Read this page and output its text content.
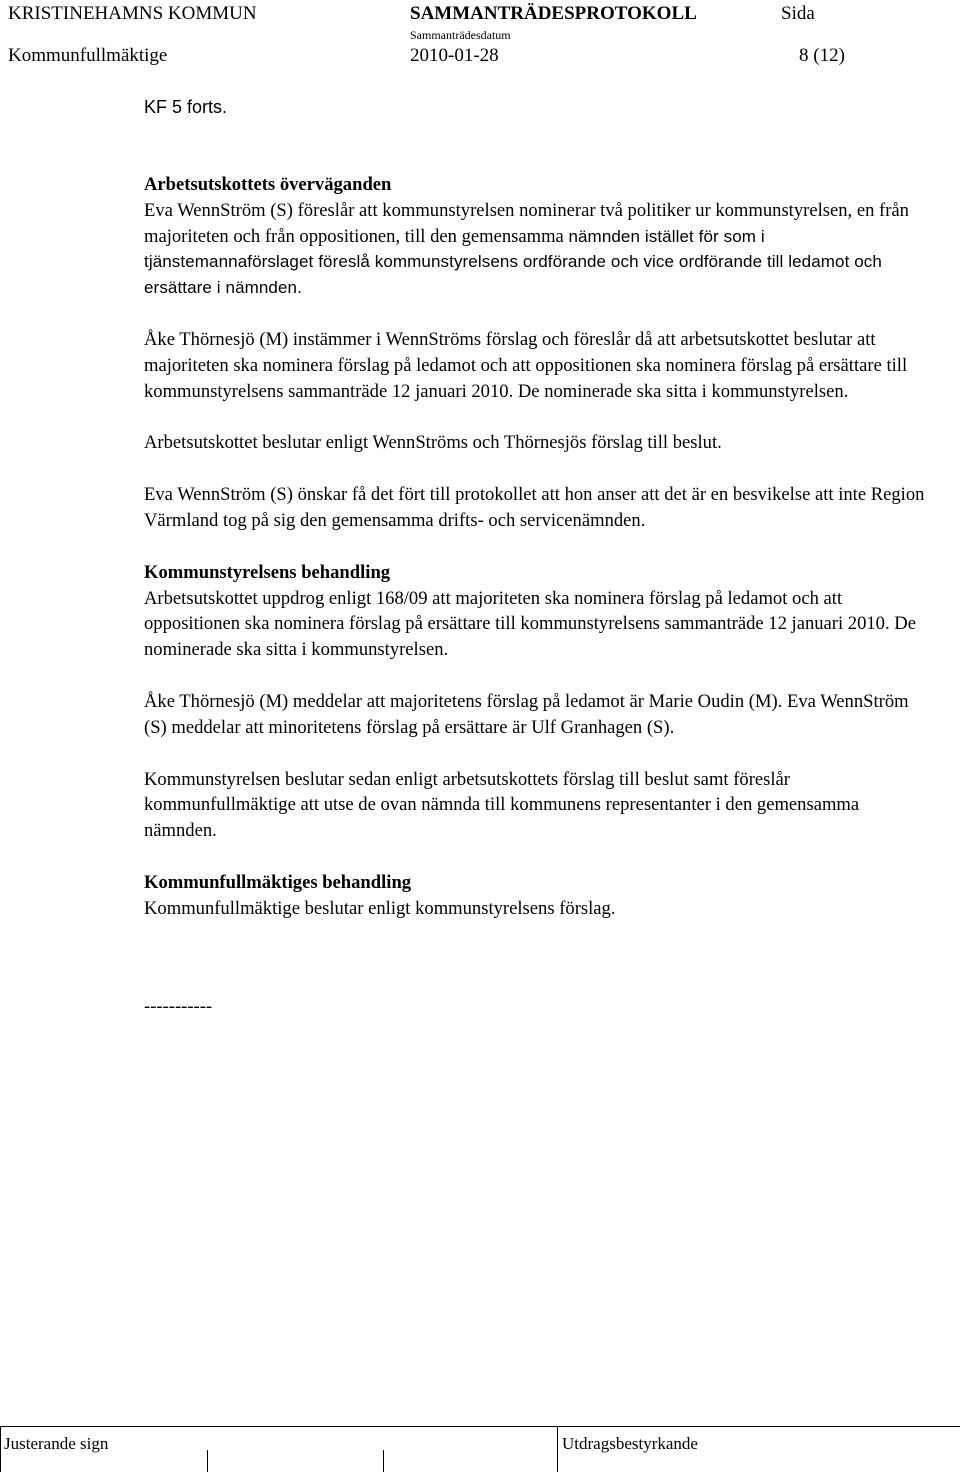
KRISTINEHAMNS KOMMUN	SAMMANTRÄDESPROTOKOLL	Sida
Sammanträdesdatum
Kommunfullmäktige	2010-01-28	8 (12)
KF 5 forts.

Arbetsutskottets överväganden
Eva WennStröm (S) föreslår att kommunstyrelsen nominerar två politiker ur kommunstyrelsen, en från majoriteten och från oppositionen, till den gemensamma nämnden istället för som i tjänstemannaförslaget föreslå kommunstyrelsens ordförande och vice ordförande till ledamot och ersättare i nämnden.

Åke Thörnesjö (M) instämmer i WennStröms förslag och föreslår då att arbetsutskottet beslutar att majoriteten ska nominera förslag på ledamot och att oppositionen ska nominera förslag på ersättare till kommunstyrelsens sammanträde 12 januari 2010. De nominerade ska sitta i kommunstyrelsen.

Arbetsutskottet beslutar enligt WennStröms och Thörnesjös förslag till beslut.

Eva WennStröm (S) önskar få det fört till protokollet att hon anser att det är en besvikelse att inte Region Värmland tog på sig den gemensamma drifts- och servicenämnden.

Kommunstyrelsens behandling
Arbetsutskottet uppdrog enligt 168/09 att majoriteten ska nominera förslag på ledamot och att oppositionen ska nominera förslag på ersättare till kommunstyrelsens sammanträde 12 januari 2010. De nominerade ska sitta i kommunstyrelsen.

Åke Thörnesjö (M) meddelar att majoritetens förslag på ledamot är Marie Oudin (M). Eva WennStröm (S) meddelar att minoritetens förslag på ersättare är Ulf Granhagen (S).

Kommunstyrelsen beslutar sedan enligt arbetsutskottets förslag till beslut samt föreslår kommunfullmäktige att utse de ovan nämnda till kommunens representanter i den gemensamma nämnden.

Kommunfullmäktiges behandling
Kommunfullmäktige beslutar enligt kommunstyrelsens förslag.

-----------
Justerande sign	Utdragsbestyrkande
